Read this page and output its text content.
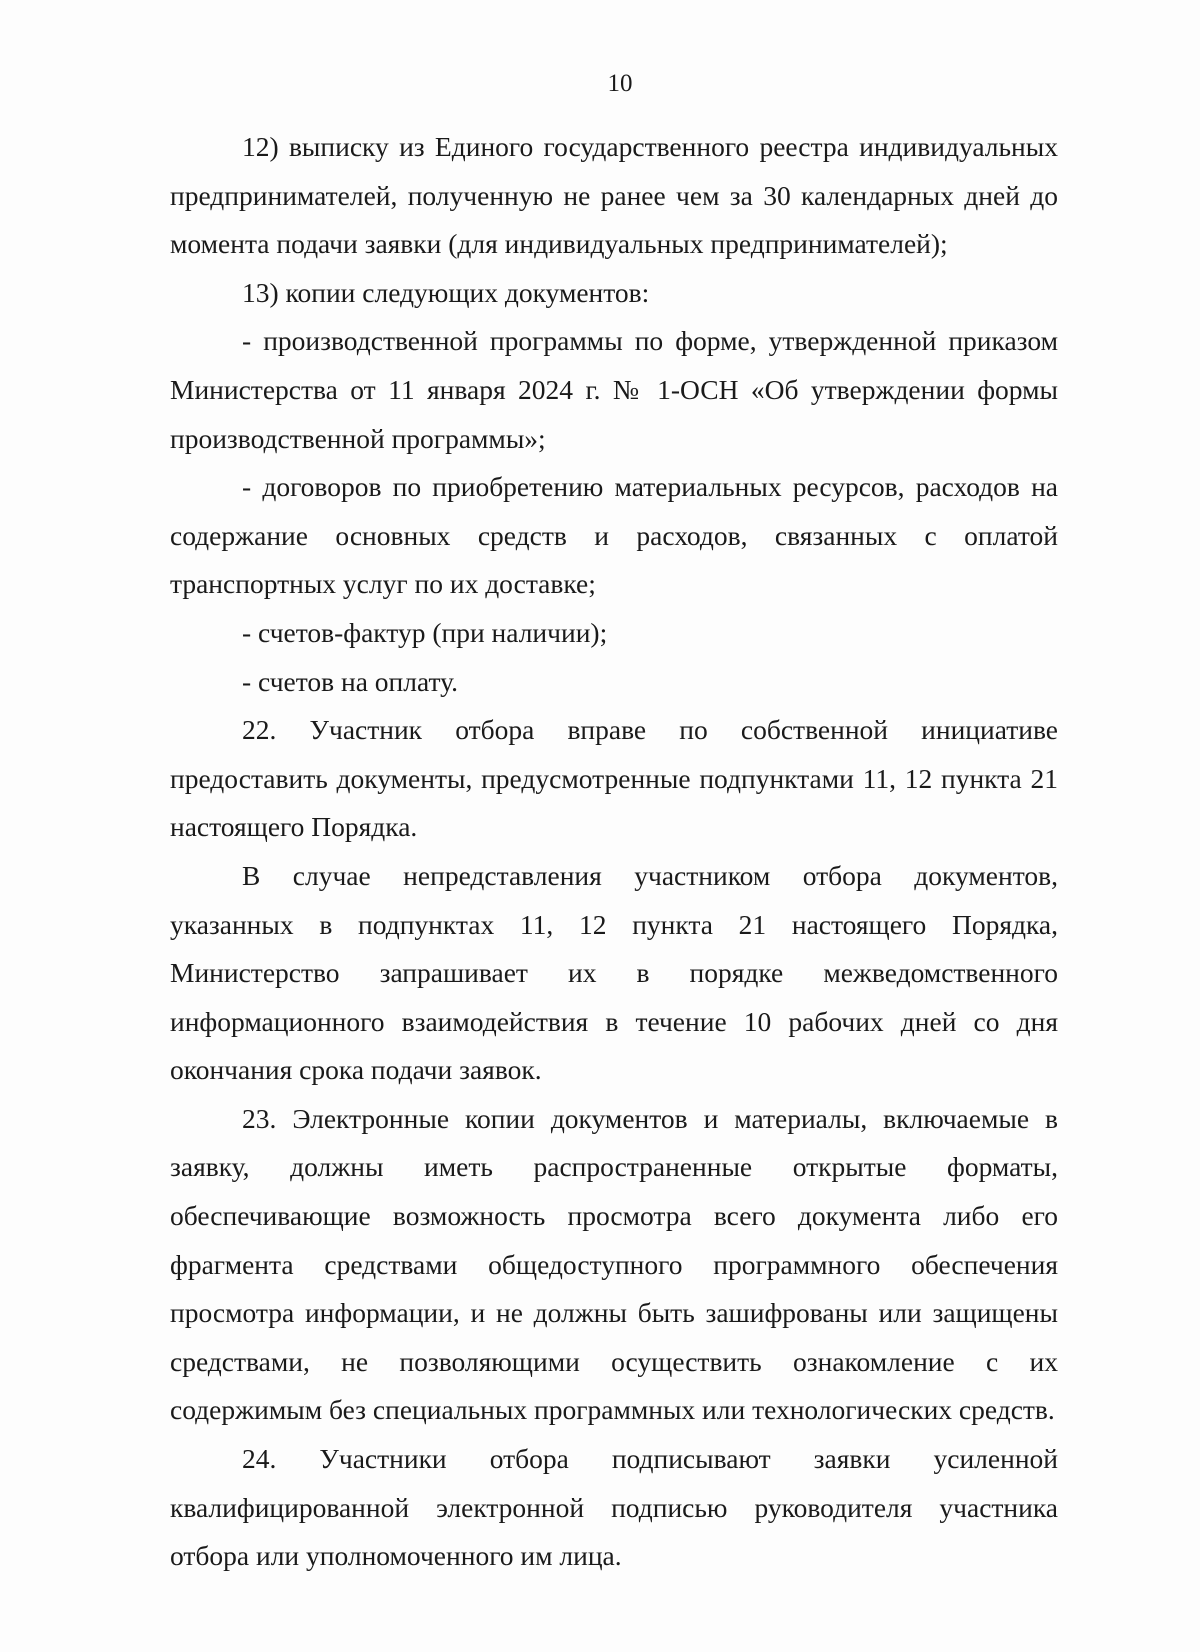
10

12) выписку из Единого государственного реестра индивидуальных предпринимателей, полученную не ранее чем за 30 календарных дней до момента подачи заявки (для индивидуальных предпринимателей);

13) копии следующих документов:

- производственной программы по форме, утвержденной приказом Министерства от 11 января 2024 г. № 1-ОСН «Об утверждении формы производственной программы»;

- договоров по приобретению материальных ресурсов, расходов на содержание основных средств и расходов, связанных с оплатой транспортных услуг по их доставке;

- счетов-фактур (при наличии);

- счетов на оплату.

22. Участник отбора вправе по собственной инициативе предоставить документы, предусмотренные подпунктами 11, 12 пункта 21 настоящего Порядка.

В случае непредставления участником отбора документов, указанных в подпунктах 11, 12 пункта 21 настоящего Порядка, Министерство запрашивает их в порядке межведомственного информационного взаимодействия в течение 10 рабочих дней со дня окончания срока подачи заявок.

23. Электронные копии документов и материалы, включаемые в заявку, должны иметь распространенные открытые форматы, обеспечивающие возможность просмотра всего документа либо его фрагмента средствами общедоступного программного обеспечения просмотра информации, и не должны быть зашифрованы или защищены средствами, не позволяющими осуществить ознакомление с их содержимым без специальных программных или технологических средств.

24. Участники отбора подписывают заявки усиленной квалифицированной электронной подписью руководителя участника отбора или уполномоченного им лица.
